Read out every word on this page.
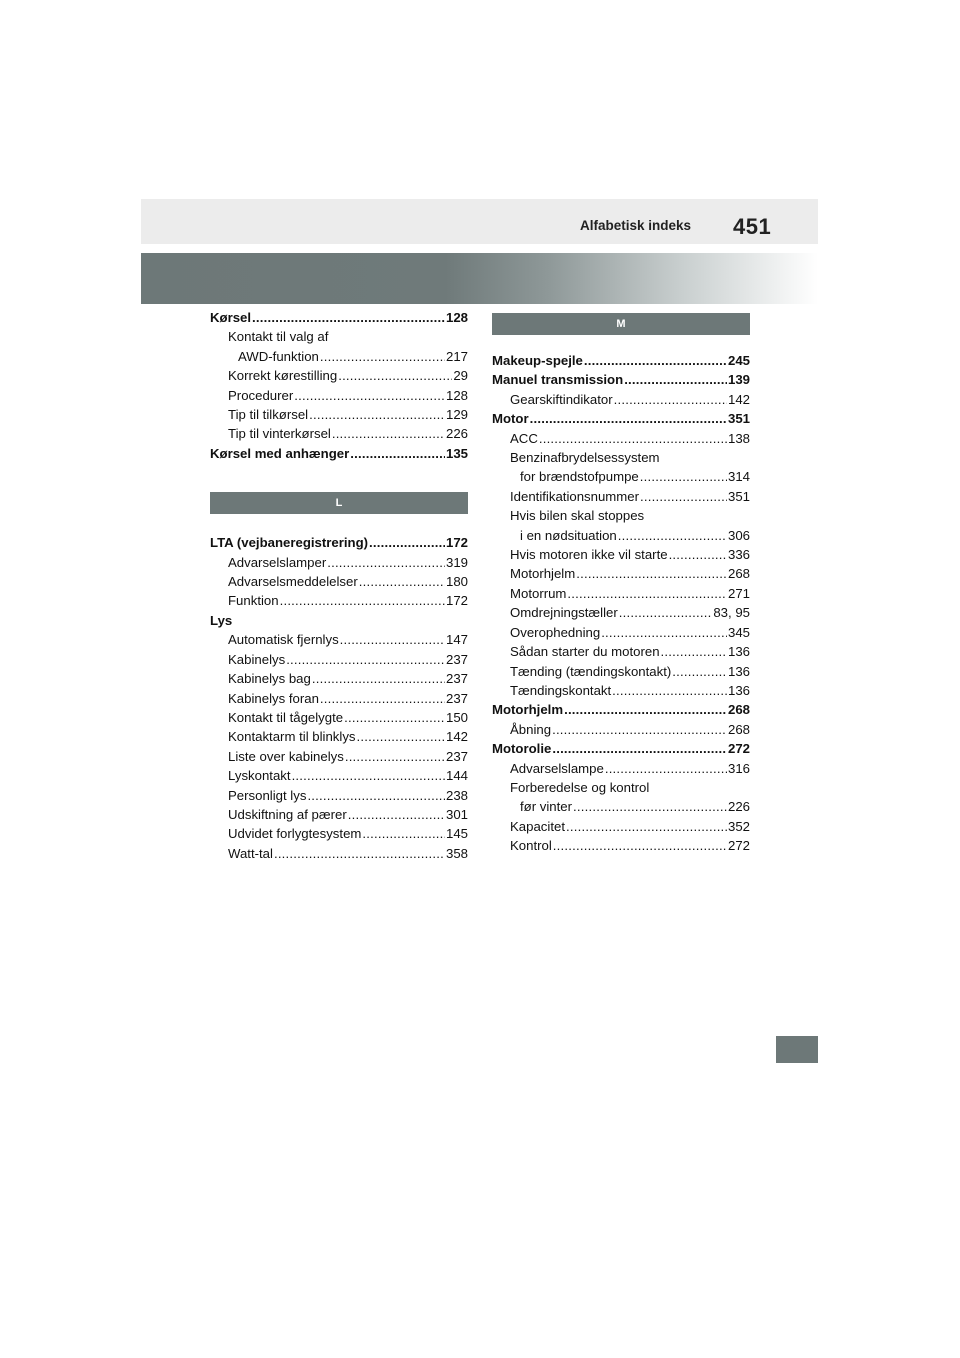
Alfabetisk indeks 451
Kørsel .....	128
Kontakt til valg af
AWD-funktion .....	217
Korrekt kørestilling .....	29
Procedurer .....	128
Tip til tilkørsel .....	129
Tip til vinterkørsel .....	226
Kørsel med anhænger .....	135
L
LTA (vejbaneregistrering) .....	172
Advarselslamper .....	319
Advarselsmeddelelser .....	180
Funktion .....	172
Lys
Automatisk fjernlys .....	147
Kabinelys .....	237
Kabinelys bag .....	237
Kabinelys foran .....	237
Kontakt til tågelygte .....	150
Kontaktarm til blinklys .....	142
Liste over kabinelys .....	237
Lyskontakt .....	144
Personligt lys .....	238
Udskiftning af pærer .....	301
Udvidet forlygtesystem .....	145
Watt-tal .....	358
M
Makeup-spejle .....	245
Manuel transmission .....	139
Gearskiftindikator .....	142
Motor .....	351
ACC .....	138
Benzinafbrydelsessystem
for brændstofpumpe .....	314
Identifikationsnummer .....	351
Hvis bilen skal stoppes
i en nødsituation .....	306
Hvis motoren ikke vil starte .....	336
Motorhjelm .....	268
Motorrum .....	271
Omdrejningstæller .....	83, 95
Overophedning .....	345
Sådan starter du motoren .....	136
Tænding (tændingskontakt) .....	136
Tændingskontakt .....	136
Motorhjelm .....	268
Åbning .....	268
Motorolie .....	272
Advarselslampe .....	316
Forberedelse og kontrol
før vinter .....	226
Kapacitet .....	352
Kontrol .....	272
